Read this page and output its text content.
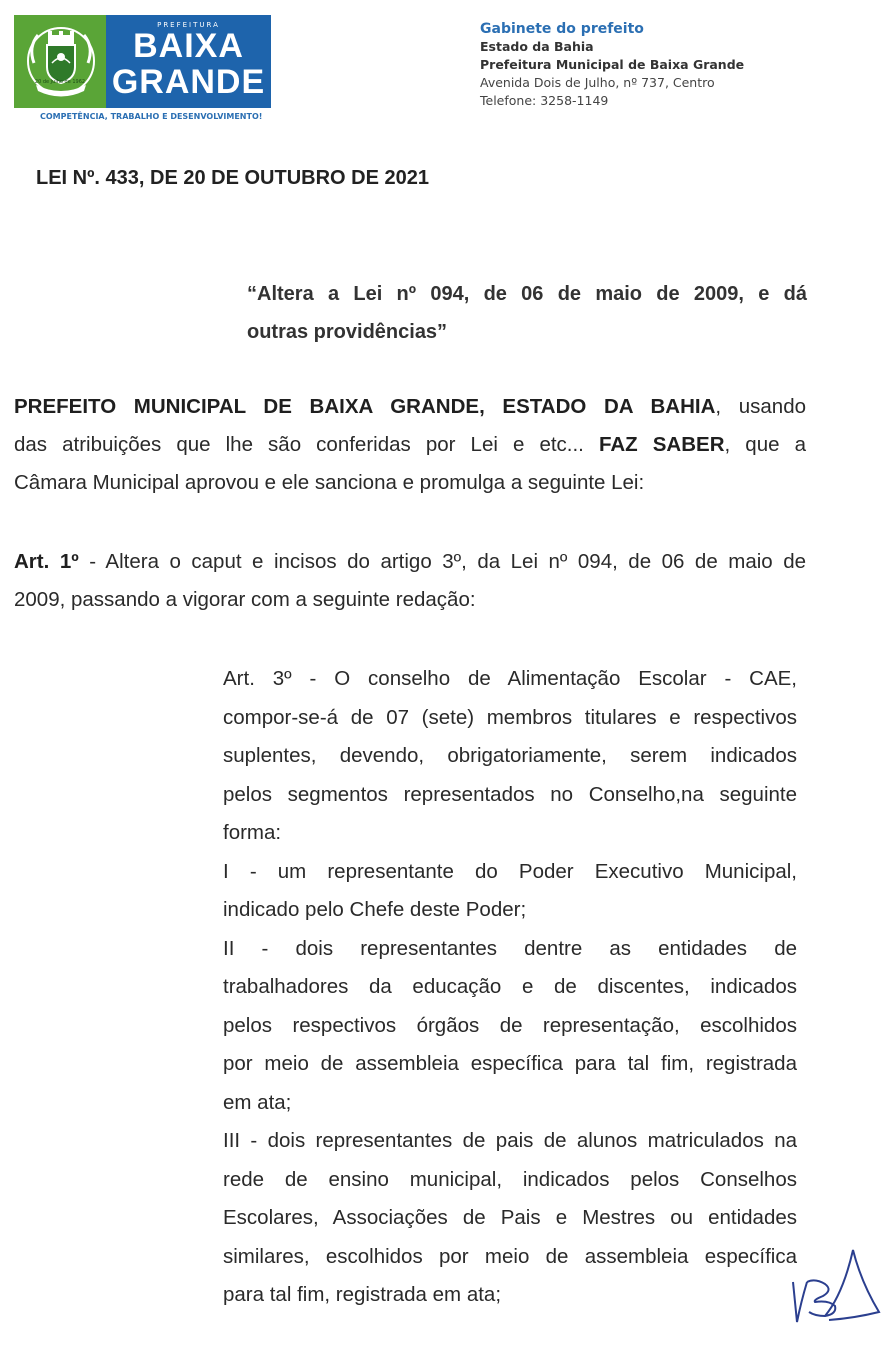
20 de Julho de 1962
PREFEITURA
BAIXA
GRANDE
COMPETÊNCIA, TRABALHO E DESENVOLVIMENTO!
Gabinete do prefeito
Estado da Bahia
Prefeitura Municipal de Baixa Grande
Avenida Dois de Julho, nº 737, Centro
Telefone: 3258-1149
LEI Nº. 433, DE 20 DE OUTUBRO DE 2021
“Altera a Lei nº 094, de 06 de maio de 2009, e dá
outras providências”
PREFEITO MUNICIPAL DE BAIXA GRANDE, ESTADO DA BAHIA, usando
das atribuições que lhe são conferidas por Lei e etc... FAZ SABER, que a
Câmara Municipal aprovou e ele sanciona e promulga a seguinte Lei:
Art. 1º - Altera o caput e incisos do artigo 3º, da Lei nº 094, de 06 de maio de
2009, passando a vigorar com a seguinte redação:
Art. 3º - O conselho de Alimentação Escolar - CAE,
compor-se-á de 07 (sete) membros titulares e respectivos
suplentes, devendo, obrigatoriamente, serem indicados
pelos segmentos representados no Conselho,na seguinte
forma:
I - um representante do Poder Executivo Municipal,
indicado pelo Chefe deste Poder;
II - dois representantes dentre as entidades de
trabalhadores da educação e de discentes, indicados
pelos respectivos órgãos de representação, escolhidos
por meio de assembleia específica para tal fim, registrada
em ata;
III - dois representantes de pais de alunos matriculados na
rede de ensino municipal, indicados pelos Conselhos
Escolares, Associações de Pais e Mestres ou entidades
similares, escolhidos por meio de assembleia específica
para tal fim, registrada em ata;
